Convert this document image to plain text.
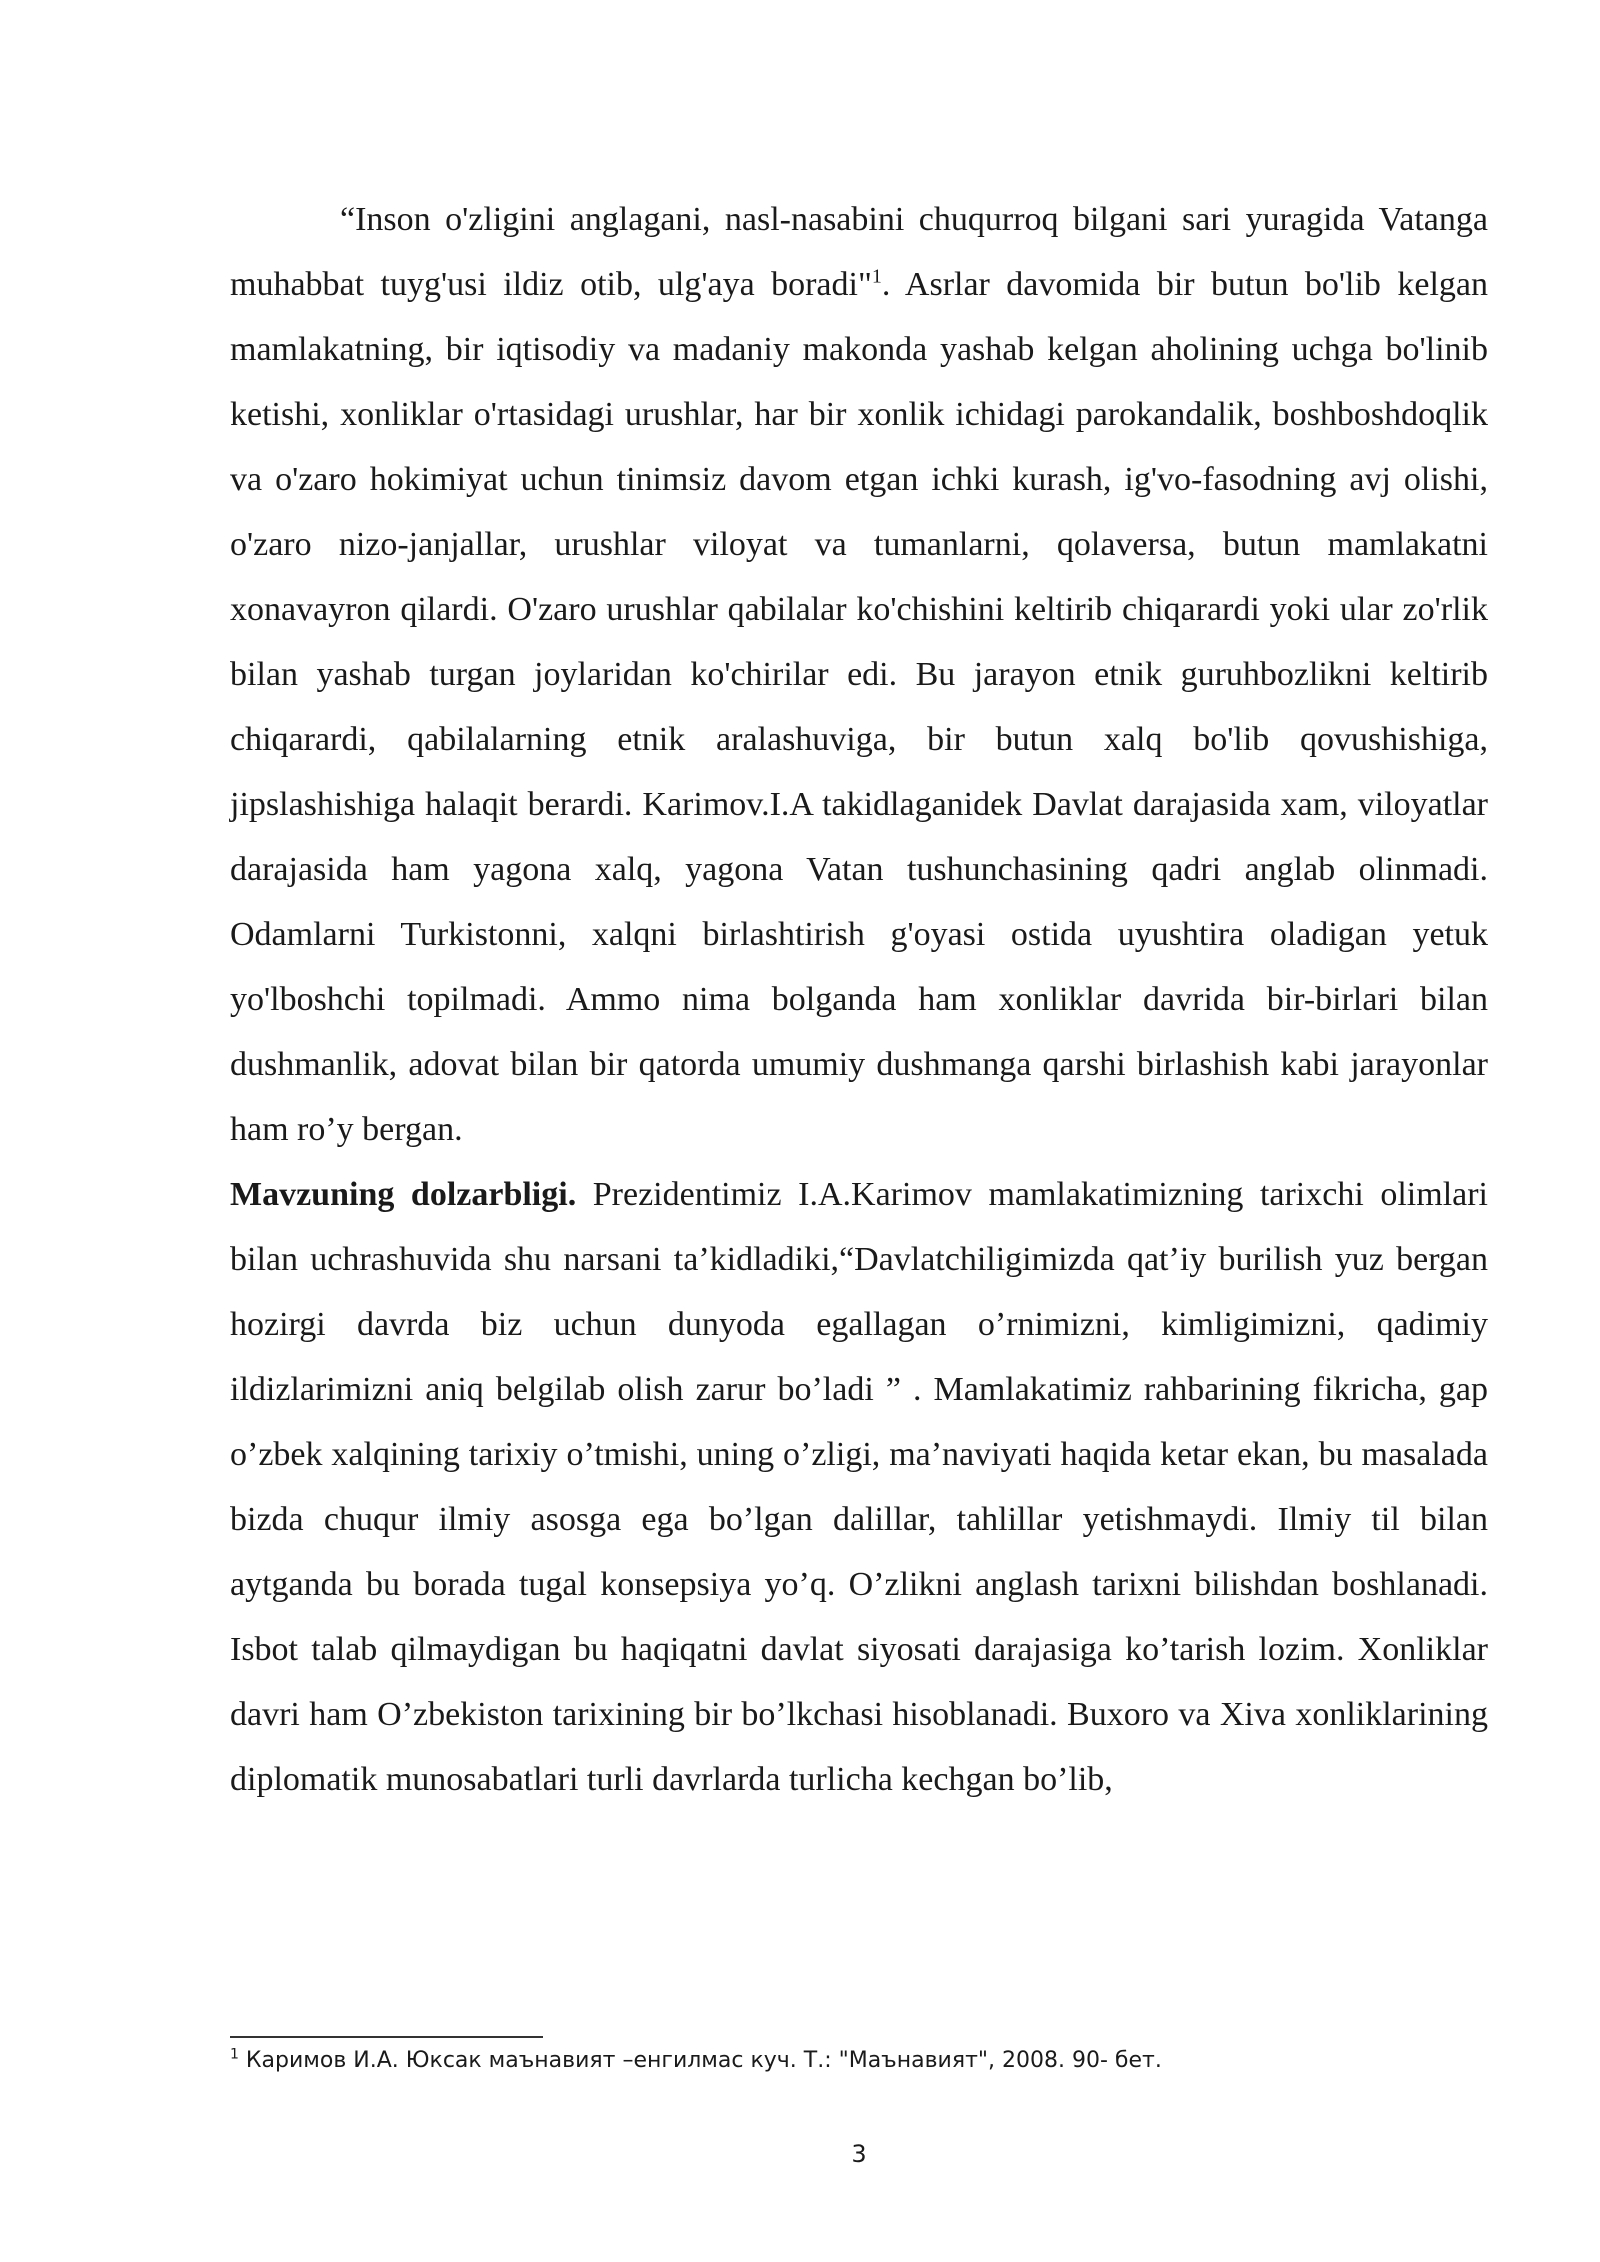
“Inson o'zligini anglagani, nasl-nasabini chuqurroq bilgani sari yuragida Vatanga muhabbat tuyg'usi ildiz otib, ulg'aya boradi"$^1$. Asrlar davomida bir butun bo'lib kelgan mamlakatning, bir iqtisodiy va madaniy makonda yashab kelgan aholining uchga bo'linib ketishi, xonliklar o'rtasidagi urushlar, har bir xonlik ichidagi parokandalik, boshboshdoqlik va o'zaro hokimiyat uchun tinimsiz davom etgan ichki kurash, ig'vo-fasodning avj olishi, o'zaro nizo-janjallar, urushlar viloyat va tumanlarni, qolaversa, butun mamlakatni xonavayron qilardi. O'zaro urushlar qabilalar ko'chishini keltirib chiqarardi yoki ular zo'rlik bilan yashab turgan joylaridan ko'chirilar edi. Bu jarayon etnik guruhbozlikni keltirib chiqarardi, qabilalarning etnik aralashuviga, bir butun xalq bo'lib qovushishiga, jipslashishiga halaqit berardi. Karimov.I.A takidlaganidek Davlat darajasida xam, viloyatlar darajasida ham yagona xalq, yagona Vatan tushunchasining qadri anglab olinmadi. Odamlarni Turkistonni, xalqni birlashtirish g'oyasi ostida uyushtira oladigan yetuk yo'lboshchi topilmadi. Ammo nima bolganda ham xonliklar davrida bir-birlari bilan dushmanlik, adovat bilan bir qatorda umumiy dushmanga qarshi birlashish kabi jarayonlar ham ro’y bergan.

Mavzuning dolzarbligi. Prezidentimiz I.A.Karimov mamlakatimizning tarixchi olimlari bilan uchrashuvida shu narsani ta’kidladiki,“Davlatchiligimizda qat’iy burilish yuz bergan hozirgi davrda biz uchun dunyoda egallagan o’rnimizni, kimligimizni, qadimiy ildizlarimizni aniq belgilab olish zarur bo’ladi ” . Mamlakatimiz rahbarining fikricha, gap o’zbek xalqining tarixiy o’tmishi, uning o’zligi, ma’naviyati haqida ketar ekan, bu masalada bizda chuqur ilmiy asosga ega bo’lgan dalillar, tahlillar yetishmaydi. Ilmiy til bilan aytganda bu borada tugal konsepsiya yo’q. O’zlikni anglash tarixni bilishdan boshlanadi. Isbot talab qilmaydigan bu haqiqatni davlat siyosati darajasiga ko’tarish lozim. Xonliklar davri ham O’zbekiston tarixining bir bo’lkchasi hisoblanadi. Buxoro va Xiva xonliklarining diplomatik munosabatlari turli davrlarda turlicha kechgan bo’lib,

$^1$ Каримов И.А. Юксак маънавият –енгилмас куч. Т.: "Маънавият", 2008. 90- бет.
3
